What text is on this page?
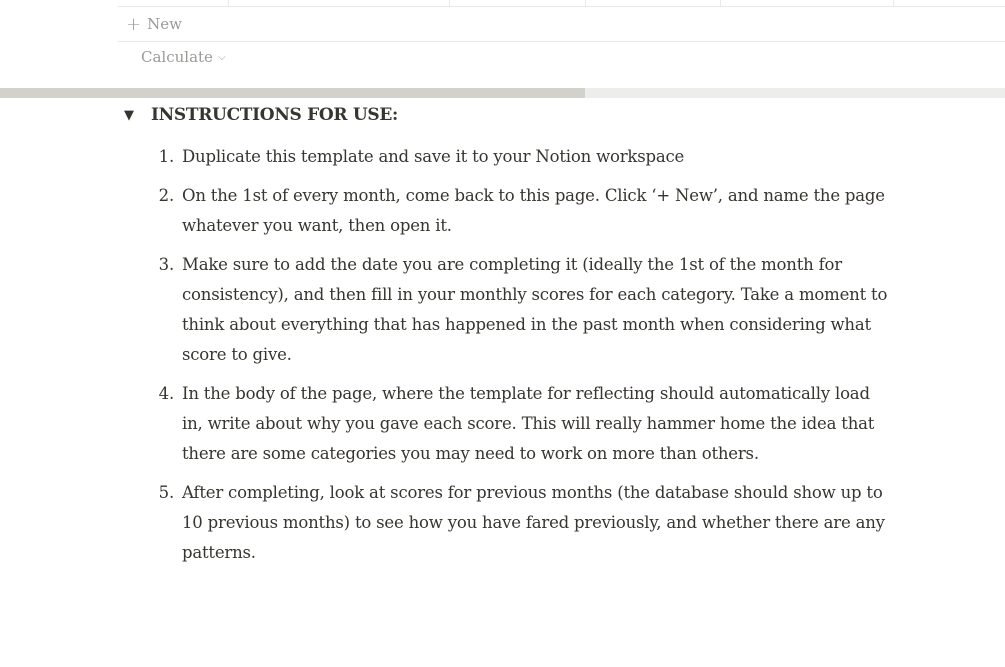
+ New
Calculate ⌵
▼	INSTRUCTIONS FOR USE:
1. Duplicate this template and save it to your Notion workspace
2. On the 1st of every month, come back to this page. Click ‘+ New’, and name the page whatever you want, then open it.
3. Make sure to add the date you are completing it (ideally the 1st of the month for consistency), and then fill in your monthly scores for each category. Take a moment to think about everything that has happened in the past month when considering what score to give.
4. In the body of the page, where the template for reflecting should automatically load in, write about why you gave each score. This will really hammer home the idea that there are some categories you may need to work on more than others.
5. After completing, look at scores for previous months (the database should show up to 10 previous months) to see how you have fared previously, and whether there are any patterns.
